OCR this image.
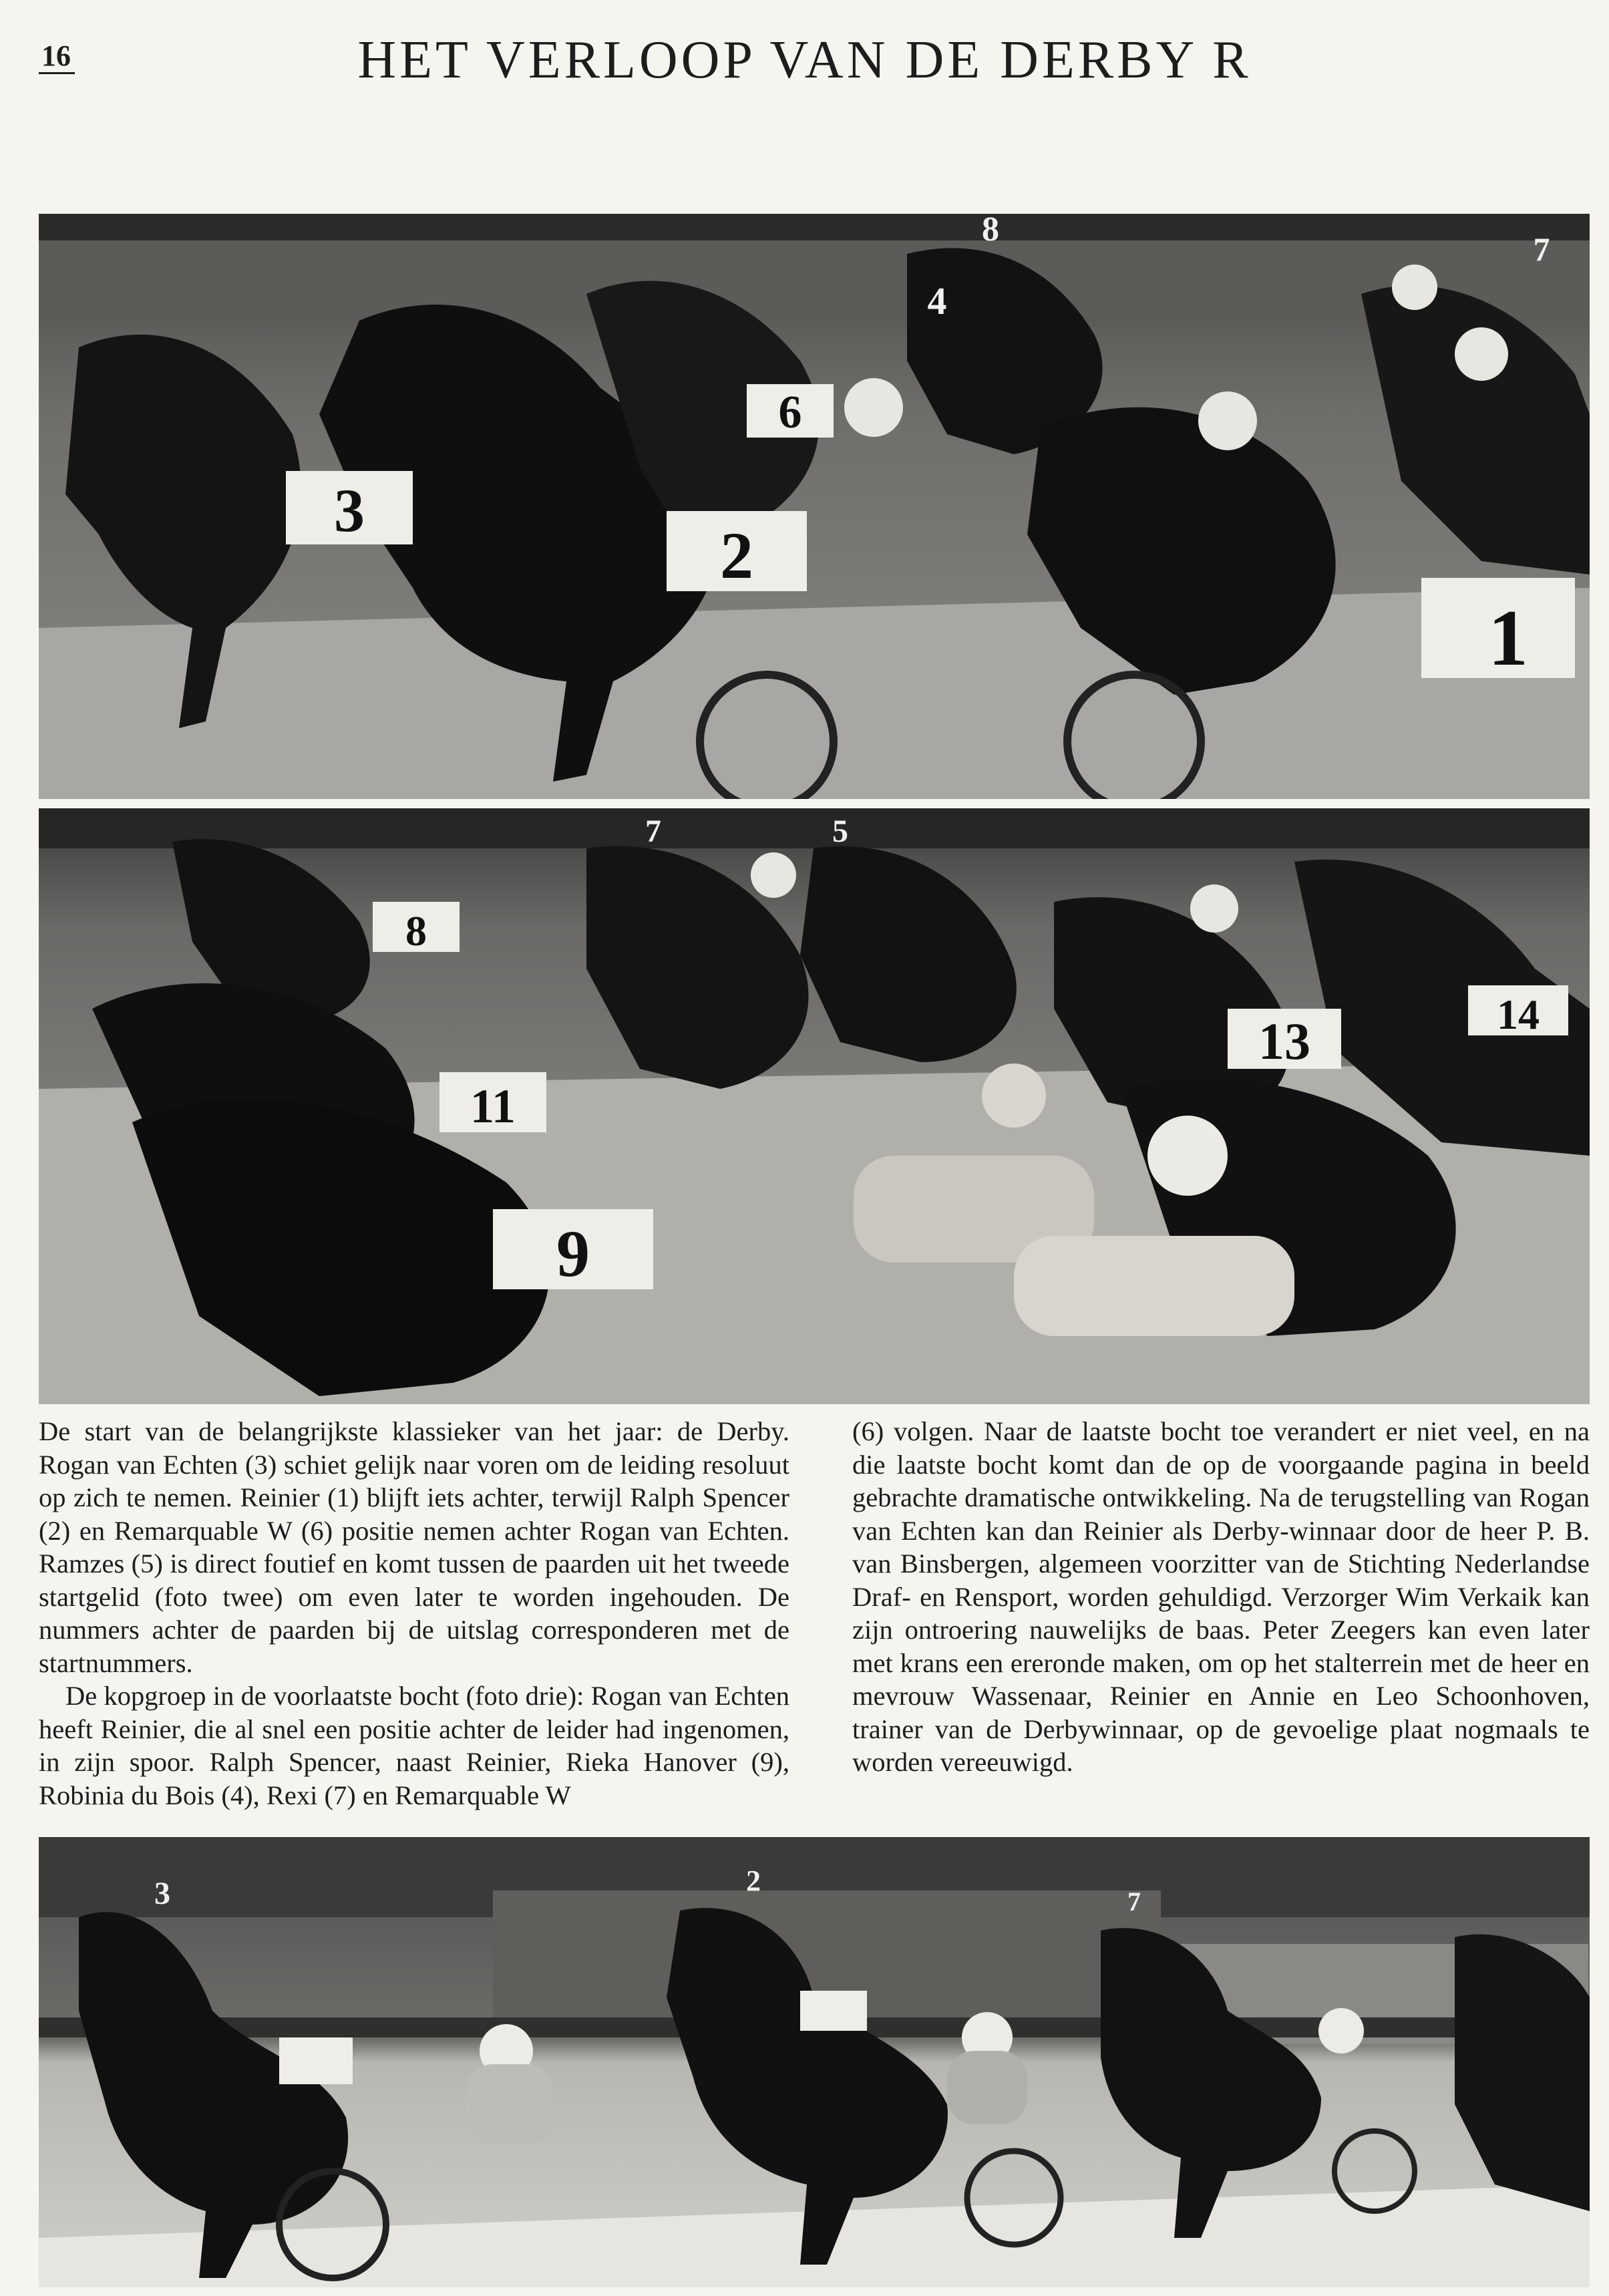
16	HET VERLOOP VAN DE DERBY R
3
2
6
4
8
7
1
8
11
9
7	5
13	14

De start van de belangrijkste klassieker van het jaar: de Derby. Rogan van Echten (3) schiet gelijk naar voren om de leiding resoluut op zich te nemen. Reinier (1) blijft iets achter, terwijl Ralph Spencer (2) en Remarquable W (6) positie nemen achter Rogan van Echten. Ramzes (5) is direct foutief en komt tussen de paarden uit het tweede startgelid (foto twee) om even later te worden ingehouden. De nummers achter de paarden bij de uitslag corresponderen met de startnummers.

De kopgroep in de voorlaatste bocht (foto drie): Rogan van Echten heeft Reinier, die al snel een positie achter de leider had ingenomen, in zijn spoor. Ralph Spencer, naast Reinier, Rieka Hanover (9), Robinia du Bois (4), Rexi (7) en Remarquable W

(6) volgen. Naar de laatste bocht toe verandert er niet veel, en na die laatste bocht komt dan de op de voorgaande pagina in beeld gebrachte dramatische ontwikkeling. Na de terugstelling van Rogan van Echten kan dan Reinier als Derby-winnaar door de heer P. B. van Binsbergen, algemeen voorzitter van de Stichting Nederlandse Draf- en Rensport, worden gehuldigd. Verzorger Wim Verkaik kan zijn ontroering nauwelijks de baas. Peter Zeegers kan even later met krans een ereronde maken, om op het stalterrein met de heer en mevrouw Wassenaar, Reinier en Annie en Leo Schoonhoven, trainer van de Derbywinnaar, op de gevoelige plaat nogmaals te worden vereeuwigd.

3	2
7
